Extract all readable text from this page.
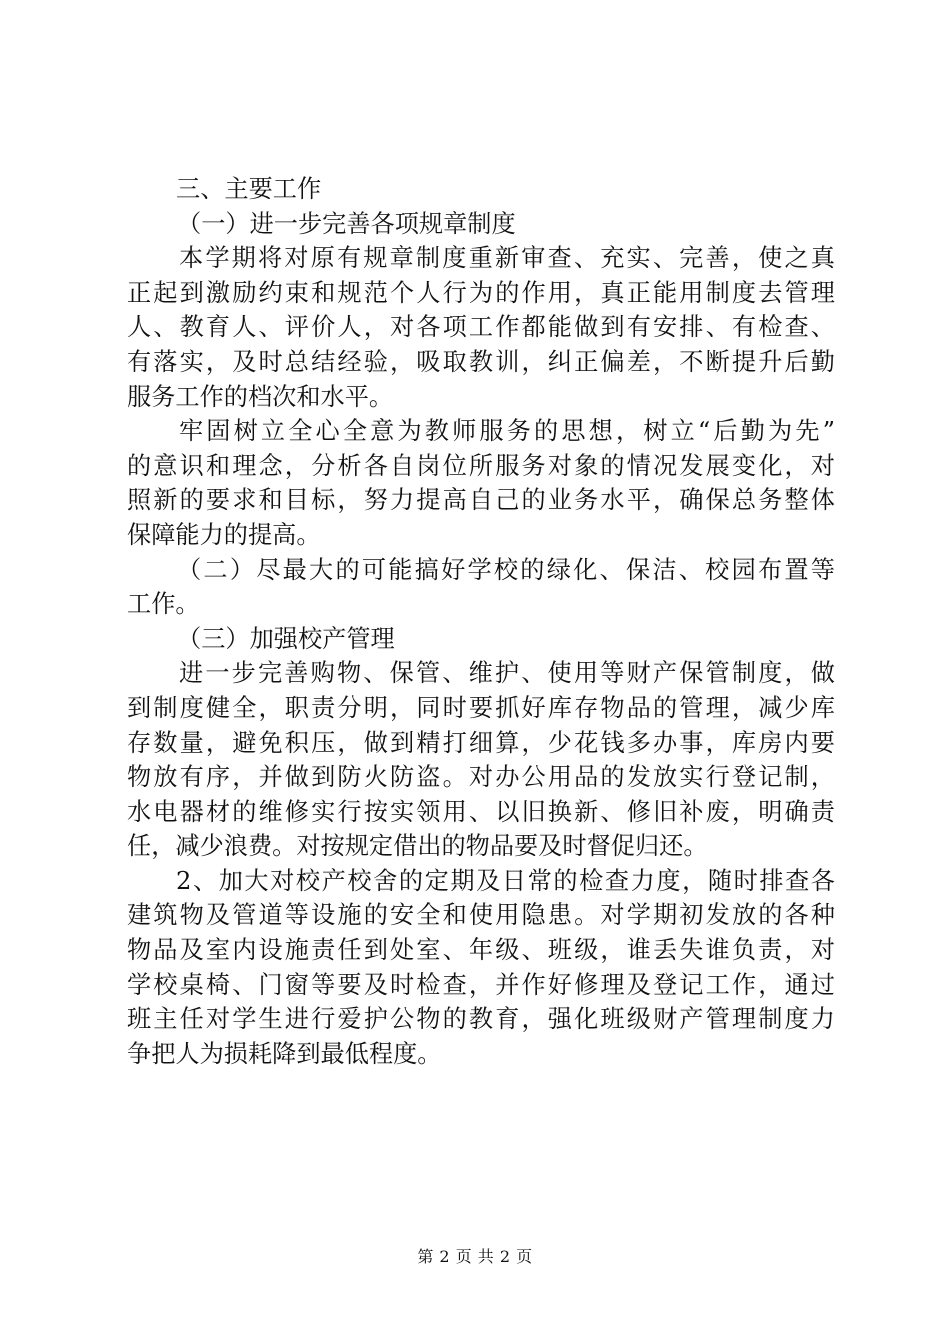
三、主要工作
（一）进一步完善各项规章制度
本学期将对原有规章制度重新审查、充实、完善，使之真
正起到激励约束和规范个人行为的作用，真正能用制度去管理
人、教育人、评价人，对各项工作都能做到有安排、有检查、
有落实，及时总结经验，吸取教训，纠正偏差，不断提升后勤
服务工作的档次和水平。
牢固树立全心全意为教师服务的思想，树立“后勤为先”
的意识和理念，分析各自岗位所服务对象的情况发展变化，对
照新的要求和目标，努力提高自己的业务水平，确保总务整体
保障能力的提高。
（二）尽最大的可能搞好学校的绿化、保洁、校园布置等
工作。
（三）加强校产管理
进一步完善购物、保管、维护、使用等财产保管制度，做
到制度健全，职责分明，同时要抓好库存物品的管理，减少库
存数量，避免积压，做到精打细算，少花钱多办事，库房内要
物放有序，并做到防火防盗。对办公用品的发放实行登记制，
水电器材的维修实行按实领用、以旧换新、修旧补废，明确责
任，减少浪费。对按规定借出的物品要及时督促归还。
2、加大对校产校舍的定期及日常的检查力度，随时排查各
建筑物及管道等设施的安全和使用隐患。对学期初发放的各种
物品及室内设施责任到处室、年级、班级，谁丢失谁负责，对
学校桌椅、门窗等要及时检查，并作好修理及登记工作，通过
班主任对学生进行爱护公物的教育，强化班级财产管理制度力
争把人为损耗降到最低程度。
第 2 页 共 2 页
